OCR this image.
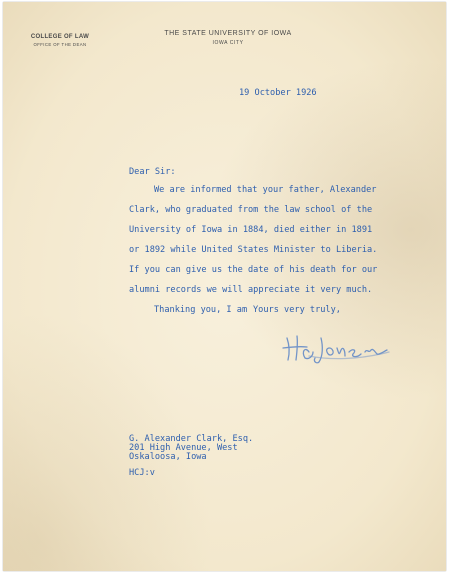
COLLEGE OF LAW
OFFICE OF THE DEAN
THE STATE UNIVERSITY OF IOWA
IOWA CITY
19 October 1926
Dear Sir:
We are informed that your father, Alexander
Clark, who graduated from the law school of the
University of Iowa in 1884, died either in 1891
or 1892 while United States Minister to Liberia.
If you can give us the date of his death for our
alumni records we will appreciate it very much.
Thanking you, I am Yours very truly,
G. Alexander Clark, Esq.
201 High Avenue, West
Oskaloosa, Iowa
HCJ:v
